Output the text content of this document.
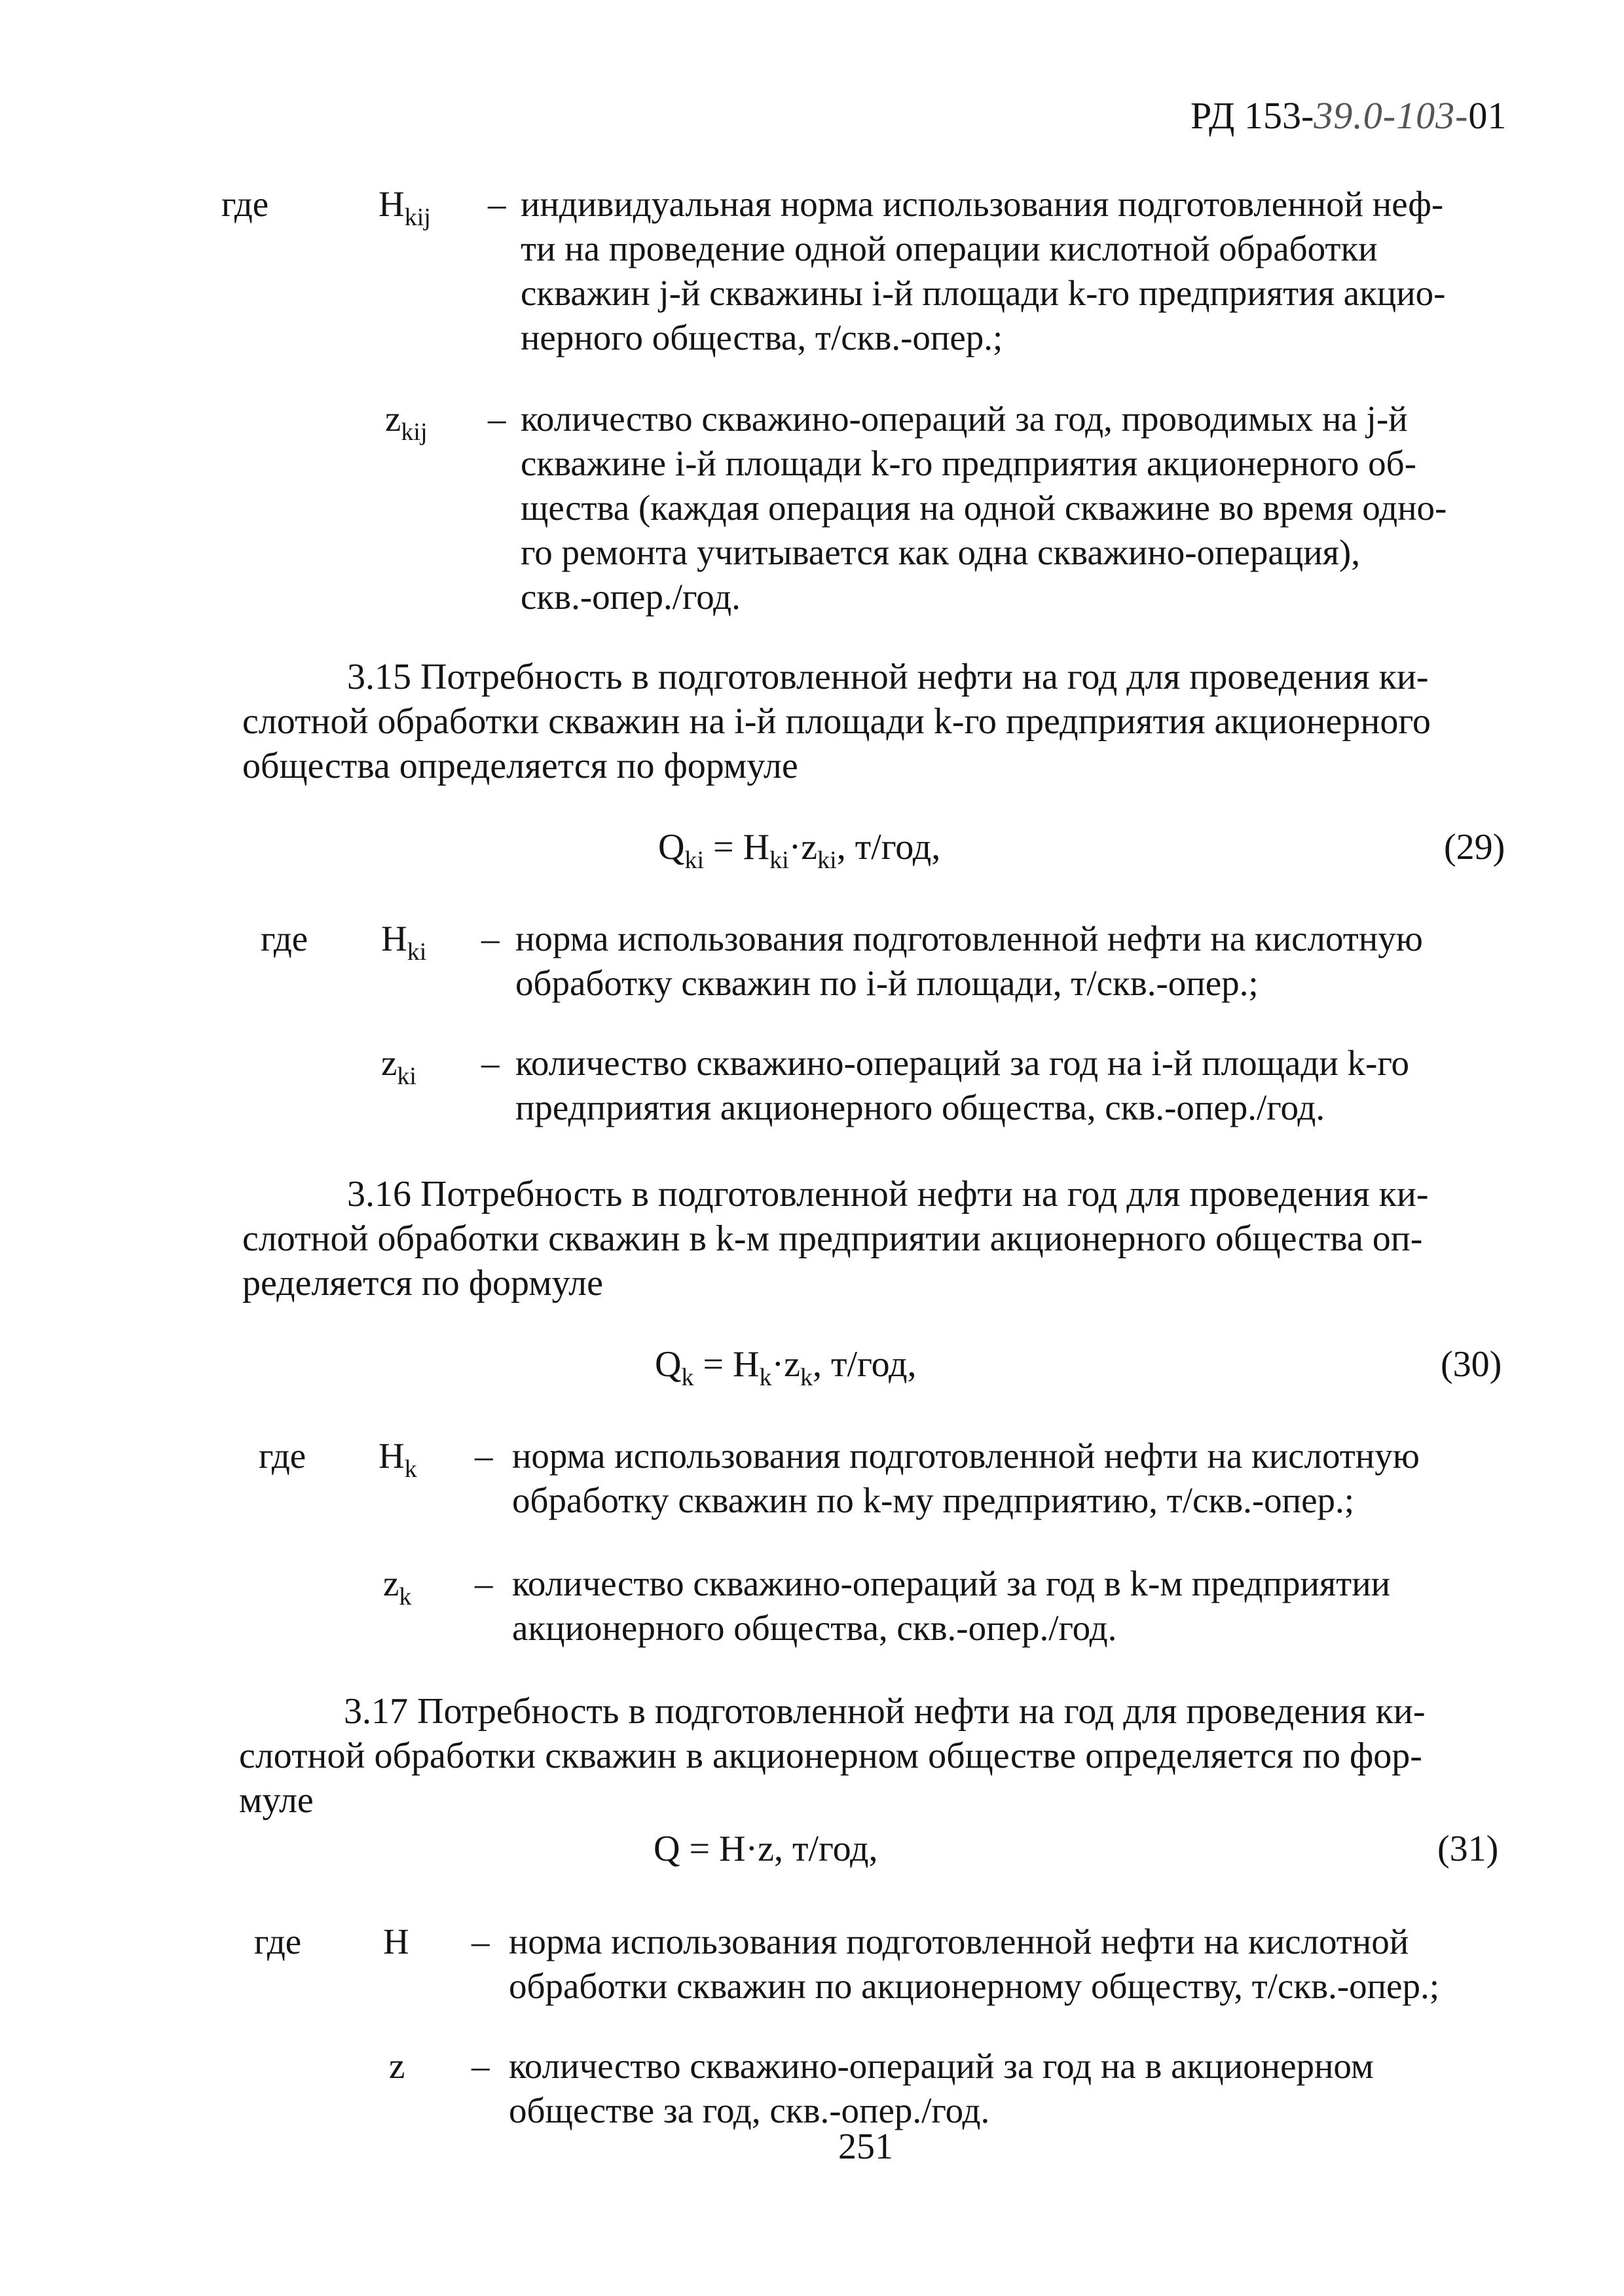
РД 153-39.0-103-01
где	$H_{kij}$ – индивидуальная норма использования подготовленной неф-
ти на проведение одной операции кислотной обработки
скважин j-й скважины i-й площади k-го предприятия акцио-
нерного общества, т/скв.-опер.;
$z_{kij}$ – количество скважино-операций за год, проводимых на j-й
скважине i-й площади k-го предприятия акционерного об-
щества (каждая операция на одной скважине во время одно-
го ремонта учитывается как одна скважино-операция),
скв.-опер./год.
3.15 Потребность в подготовленной нефти на год для проведения ки-
слотной обработки скважин на i-й площади k-го предприятия акционерного
общества определяется по формуле
$Q_{ki} = H_{ki}\cdot z_{ki}$, т/год,	(29)
где $H_{ki}$ – норма использования подготовленной нефти на кислотную
обработку скважин по i-й площади, т/скв.-опер.;
$z_{ki}$ – количество скважино-операций за год на i-й площади k-го
предприятия акционерного общества, скв.-опер./год.
3.16 Потребность в подготовленной нефти на год для проведения ки-
слотной обработки скважин в k-м предприятии акционерного общества оп-
ределяется по формуле
$Q_k = H_k\cdot z_k$, т/год,	(30)
где $H_k$ – норма использования подготовленной нефти на кислотную
обработку скважин по k-му предприятию, т/скв.-опер.;
$z_k$ – количество скважино-операций за год в k-м предприятии
акционерного общества, скв.-опер./год.
3.17 Потребность в подготовленной нефти на год для проведения ки-
слотной обработки скважин в акционерном обществе определяется по фор-
муле
Q = H·z, т/год,	(31)
где H – норма использования подготовленной нефти на кислотной
обработки скважин по акционерному обществу, т/скв.-опер.;
z – количество скважино-операций за год на в акционерном
обществе за год, скв.-опер./год.
251
